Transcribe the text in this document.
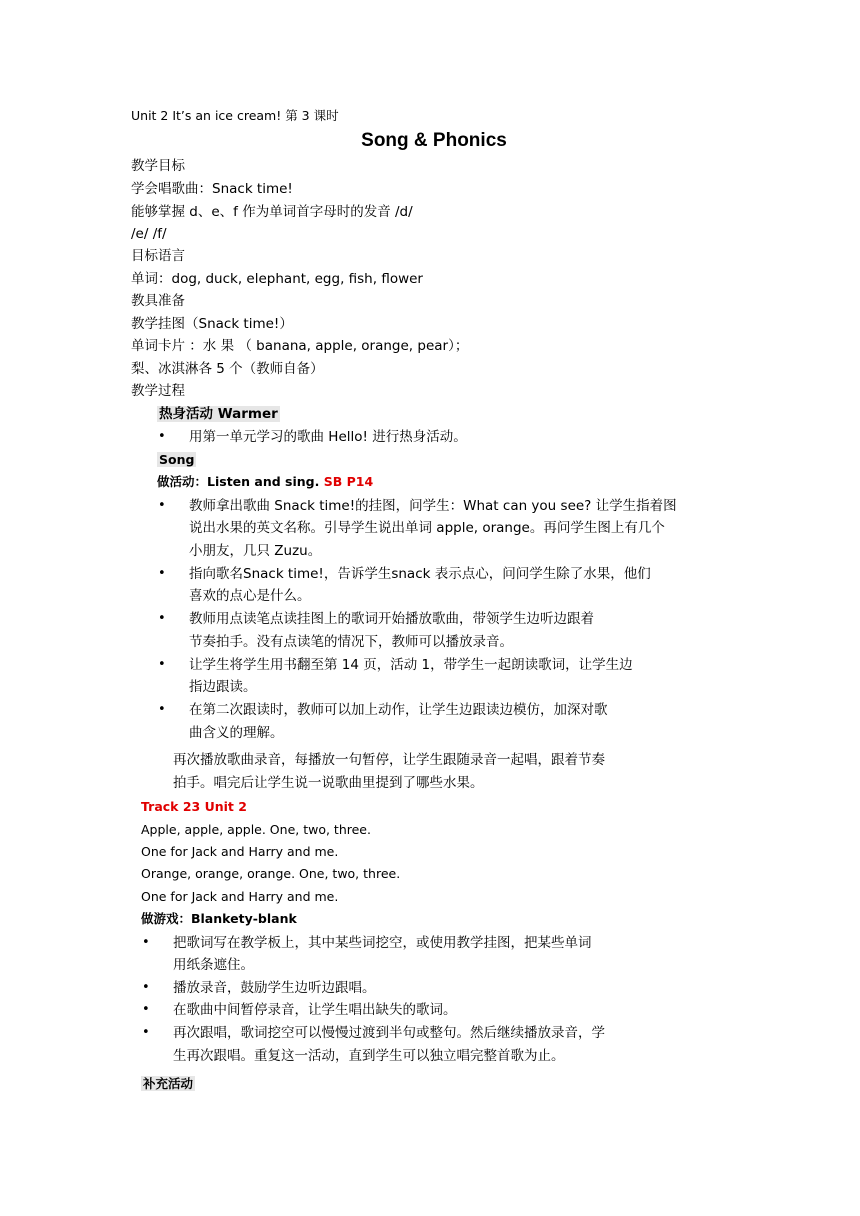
Unit 2 It’s an ice cream! 第 3 课时
Song & Phonics
教学目标
学会唱歌曲：Snack time!
能够掌握 d、e、f 作为单词首字母时的发音 /d/
/e/ /f/
目标语言
单词：dog, duck, elephant, egg, fish, flower
教具准备
教学挂图（Snack time!）
单词卡片 ：水 果 （ banana, apple, orange, pear）；
梨、冰淇淋各 5 个（教师自备）
教学过程
热身活动 Warmer
• 用第一单元学习的歌曲 Hello! 进行热身活动。
Song
做活动：Listen and sing. SB P14
• 教师拿出歌曲 Snack time!的挂图，问学生：What can you see? 让学生指着图
说出水果的英文名称。引导学生说出单词 apple, orange。再问学生图上有几个
小朋友，几只 Zuzu。
• 指向歌名Snack time!，告诉学生snack 表示点心，问问学生除了水果，他们
喜欢的点心是什么。
• 教师用点读笔点读挂图上的歌词开始播放歌曲，带领学生边听边跟着
节奏拍手。没有点读笔的情况下，教师可以播放录音。
• 让学生将学生用书翻至第 14 页，活动 1，带学生一起朗读歌词，让学生边
指边跟读。
• 在第二次跟读时，教师可以加上动作，让学生边跟读边模仿，加深对歌
曲含义的理解。
再次播放歌曲录音，每播放一句暂停，让学生跟随录音一起唱，跟着节奏
拍手。唱完后让学生说一说歌曲里提到了哪些水果。
Track 23 Unit 2
Apple, apple, apple. One, two, three.
One for Jack and Harry and me.
Orange, orange, orange. One, two, three.
One for Jack and Harry and me.
做游戏：Blankety-blank
• 把歌词写在教学板上，其中某些词挖空，或使用教学挂图，把某些单词
用纸条遮住。
• 播放录音，鼓励学生边听边跟唱。
• 在歌曲中间暂停录音，让学生唱出缺失的歌词。
• 再次跟唱，歌词挖空可以慢慢过渡到半句或整句。然后继续播放录音，学
生再次跟唱。重复这一活动，直到学生可以独立唱完整首歌为止。
补充活动
